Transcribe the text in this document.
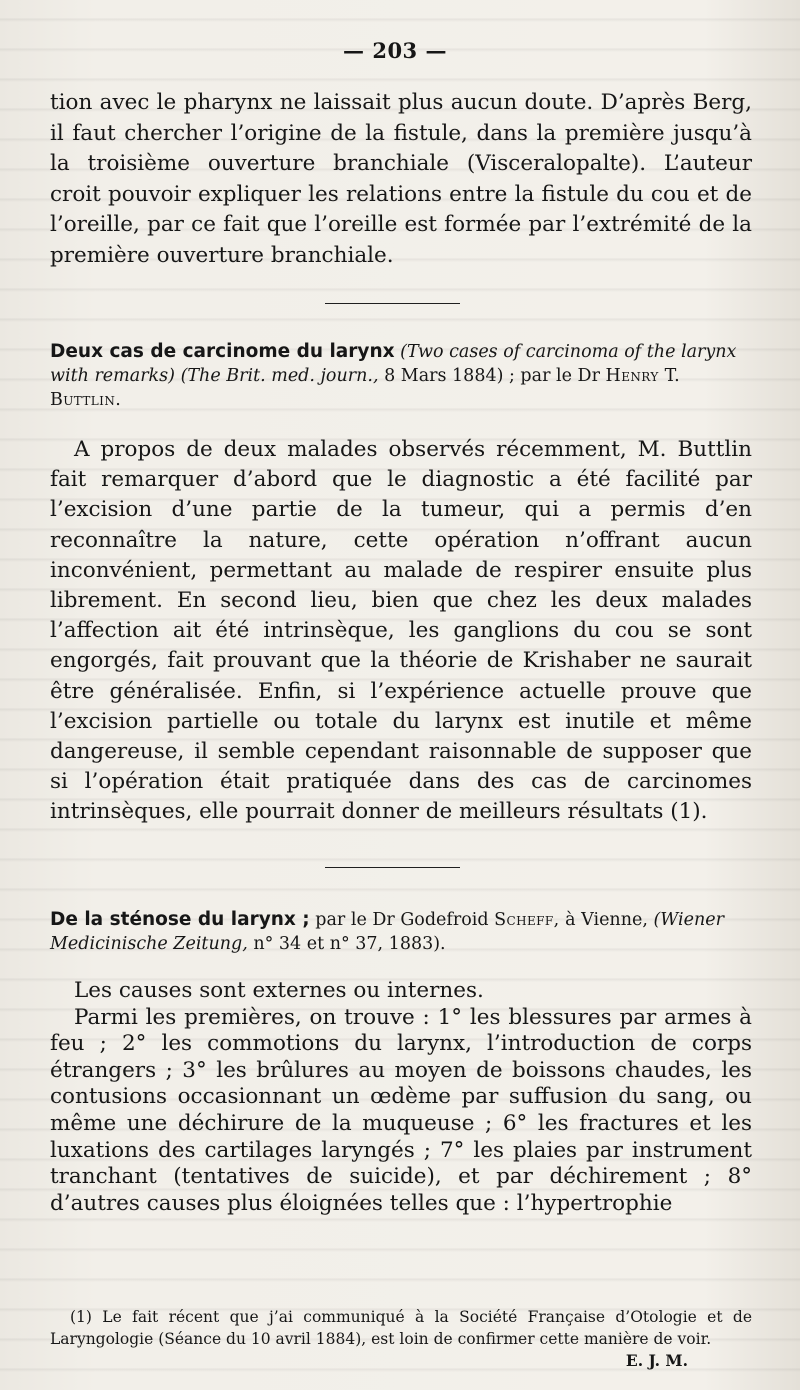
— 203 —

tion avec le pharynx ne laissait plus aucun doute. D’après Berg, il faut chercher l’origine de la fistule, dans la première jusqu’à la troisième ouverture branchiale (Visceralopalte). L’auteur croit pouvoir expliquer les relations entre la fistule du cou et de l’oreille, par ce fait que l’oreille est formée par l’extrémité de la première ouverture branchiale.

Deux cas de carcinome du larynx (Two cases of carcinoma of the larynx with remarks) (The Brit. med. journ., 8 Mars 1884) ; par le Dr Henry T. Buttlin.

A propos de deux malades observés récemment, M. Buttlin fait remarquer d’abord que le diagnostic a été facilité par l’excision d’une partie de la tumeur, qui a permis d’en reconnaître la nature, cette opération n’offrant aucun inconvénient, permettant au malade de respirer ensuite plus librement. En second lieu, bien que chez les deux malades l’affection ait été intrinsèque, les ganglions du cou se sont engorgés, fait prouvant que la théorie de Krishaber ne saurait être généralisée. Enfin, si l’expérience actuelle prouve que l’excision partielle ou totale du larynx est inutile et même dangereuse, il semble cependant raisonnable de supposer que si l’opération était pratiquée dans des cas de carcinomes intrinsèques, elle pourrait donner de meilleurs résultats (1).

De la sténose du larynx ; par le Dr Godefroid Scheff, à Vienne, (Wiener Medicinische Zeitung, n° 34 et n° 37, 1883).
Les causes sont externes ou internes.
Parmi les premières, on trouve : 1° les blessures par armes à feu ; 2° les commotions du larynx, l’introduction de corps étrangers ; 3° les brûlures au moyen de boissons chaudes, les contusions occasionnant un œdème par suffusion du sang, ou même une déchirure de la muqueuse ; 6° les fractures et les luxations des cartilages laryngés ; 7° les plaies par instrument tranchant (tentatives de suicide), et par déchirement ; 8° d’autres causes plus éloignées telles que : l’hypertrophie
(1) Le fait récent que j’ai communiqué à la Société Française d’Otologie et de Laryngologie (Séance du 10 avril 1884), est loin de confirmer cette manière de voir.
E. J. M.
